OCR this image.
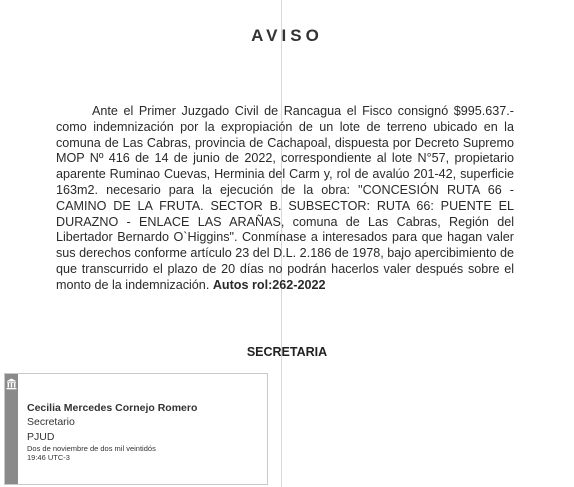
AVISO
Ante el Primer Juzgado Civil de Rancagua el Fisco consignó $995.637.- como indemnización por la expropiación de un lote de terreno ubicado en la comuna de Las Cabras, provincia de Cachapoal, dispuesta por Decreto Supremo MOP Nº 416 de 14 de junio de 2022, correspondiente al lote N°57, propietario aparente Ruminao Cuevas, Herminia del Carm y, rol de avalúo 201-42, superficie 163m2. necesario para la ejecución de la obra: "CONCESIÓN RUTA 66 - CAMINO DE LA FRUTA. SECTOR B. SUBSECTOR: RUTA 66: PUENTE EL DURAZNO - ENLACE LAS ARAÑAS, comuna de Las Cabras, Región del Libertador Bernardo O`Higgins". Conmínase a interesados para que hagan valer sus derechos conforme artículo 23 del D.L. 2.186 de 1978, bajo apercibimiento de que transcurrido el plazo de 20 días no podrán hacerlos valer después sobre el monto de la indemnización. Autos rol:262-2022
SECRETARIA
Cecilia Mercedes Cornejo Romero
Secretario
PJUD
Dos de noviembre de dos mil veintidós
19:46 UTC-3
